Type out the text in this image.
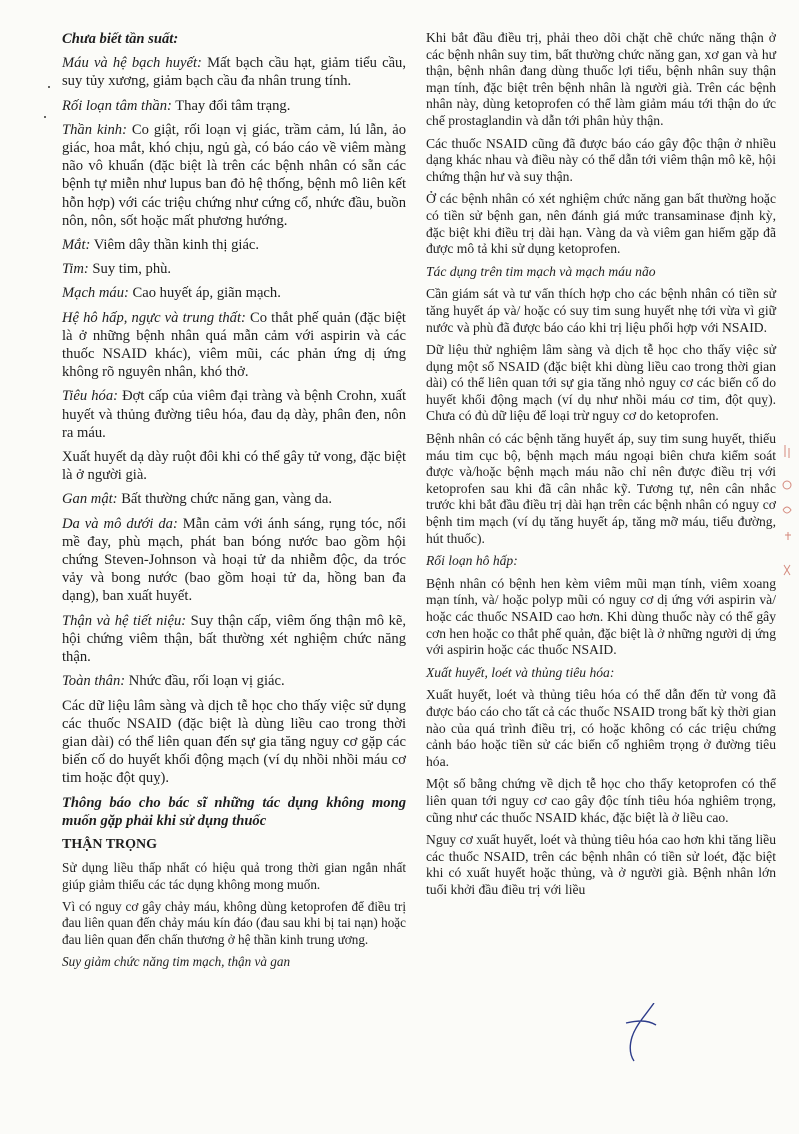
Chưa biết tần suất:

Máu và hệ bạch huyết: Mất bạch cầu hạt, giảm tiểu cầu, suy tủy xương, giảm bạch cầu đa nhân trung tính.

Rối loạn tâm thần: Thay đổi tâm trạng.

Thần kinh: Co giật, rối loạn vị giác, trầm cảm, lú lẫn, ảo giác, hoa mắt, khó chịu, ngủ gà, có báo cáo về viêm màng não vô khuẩn (đặc biệt là trên các bệnh nhân có sẵn các bệnh tự miễn như lupus ban đỏ hệ thống, bệnh mô liên kết hỗn hợp) với các triệu chứng như cứng cổ, nhức đầu, buồn nôn, nôn, sốt hoặc mất phương hướng.

Mắt: Viêm dây thần kinh thị giác.

Tim: Suy tim, phù.

Mạch máu: Cao huyết áp, giãn mạch.

Hệ hô hấp, ngực và trung thất: Co thắt phế quản (đặc biệt là ở những bệnh nhân quá mẫn cảm với aspirin và các thuốc NSAID khác), viêm mũi, các phản ứng dị ứng không rõ nguyên nhân, khó thở.

Tiêu hóa: Đợt cấp của viêm đại tràng và bệnh Crohn, xuất huyết và thủng đường tiêu hóa, đau dạ dày, phân đen, nôn ra máu.

Xuất huyết dạ dày ruột đôi khi có thể gây tử vong, đặc biệt là ở người già.

Gan mật: Bất thường chức năng gan, vàng da.

Da và mô dưới da: Mẫn cảm với ánh sáng, rụng tóc, nổi mề đay, phù mạch, phát ban bóng nước bao gồm hội chứng Steven-Johnson và hoại tử da nhiễm độc, da tróc vảy và bong nước (bao gồm hoại tử da, hồng ban đa dạng), ban xuất huyết.

Thận và hệ tiết niệu: Suy thận cấp, viêm ống thận mô kẽ, hội chứng viêm thận, bất thường xét nghiệm chức năng thận.

Toàn thân: Nhức đầu, rối loạn vị giác.

Các dữ liệu lâm sàng và dịch tễ học cho thấy việc sử dụng các thuốc NSAID (đặc biệt là dùng liều cao trong thời gian dài) có thể liên quan đến sự gia tăng nguy cơ gặp các biến cố do huyết khối động mạch (ví dụ nhồi nhồi máu cơ tim hoặc đột quỵ).

Thông báo cho bác sĩ những tác dụng không mong muốn gặp phải khi sử dụng thuốc

THẬN TRỌNG

Sử dụng liều thấp nhất có hiệu quả trong thời gian ngắn nhất giúp giảm thiểu các tác dụng không mong muốn.

Vì có nguy cơ gây chảy máu, không dùng ketoprofen để điều trị đau liên quan đến chảy máu kín đáo (đau sau khi bị tai nạn) hoặc đau liên quan đến chấn thương ở hệ thần kinh trung ương.

Suy giảm chức năng tim mạch, thận và gan

Khi bắt đầu điều trị, phải theo dõi chặt chẽ chức năng thận ở các bệnh nhân suy tim, bất thường chức năng gan, xơ gan và hư thận, bệnh nhân đang dùng thuốc lợi tiểu, bệnh nhân suy thận mạn tính, đặc biệt trên bệnh nhân là người già. Trên các bệnh nhân này, dùng ketoprofen có thể làm giảm máu tới thận do ức chế prostaglandin và dẫn tới phân hủy thận.

Các thuốc NSAID cũng đã được báo cáo gây độc thận ở nhiều dạng khác nhau và điều này có thể dẫn tới viêm thận mô kẽ, hội chứng thận hư và suy thận.

Ở các bệnh nhân có xét nghiệm chức năng gan bất thường hoặc có tiền sử bệnh gan, nên đánh giá mức transaminase định kỳ, đặc biệt khi điều trị dài hạn. Vàng da và viêm gan hiếm gặp đã được mô tả khi sử dụng ketoprofen.

Tác dụng trên tim mạch và mạch máu não

Cần giám sát và tư vấn thích hợp cho các bệnh nhân có tiền sử tăng huyết áp và/ hoặc có suy tim sung huyết nhẹ tới vừa vì giữ nước và phù đã được báo cáo khi trị liệu phối hợp với NSAID.

Dữ liệu thử nghiệm lâm sàng và dịch tễ học cho thấy việc sử dụng một số NSAID (đặc biệt khi dùng liều cao trong thời gian dài) có thể liên quan tới sự gia tăng nhỏ nguy cơ các biến cố do huyết khối động mạch (ví dụ như nhồi máu cơ tim, đột quỵ). Chưa có đủ dữ liệu để loại trừ nguy cơ do ketoprofen.

Bệnh nhân có các bệnh tăng huyết áp, suy tim sung huyết, thiếu máu tim cục bộ, bệnh mạch máu ngoại biên chưa kiểm soát được và/hoặc bệnh mạch máu não chỉ nên được điều trị với ketoprofen sau khi đã cân nhắc kỹ. Tương tự, nên cân nhắc trước khi bắt đầu điều trị dài hạn trên các bệnh nhân có nguy cơ bệnh tim mạch (ví dụ tăng huyết áp, tăng mỡ máu, tiểu đường, hút thuốc).

Rối loạn hô hấp:

Bệnh nhân có bệnh hen kèm viêm mũi mạn tính, viêm xoang mạn tính, và/ hoặc polyp mũi có nguy cơ dị ứng với aspirin và/ hoặc các thuốc NSAID cao hơn. Khi dùng thuốc này có thể gây cơn hen hoặc co thắt phế quản, đặc biệt là ở những người dị ứng với aspirin hoặc các thuốc NSAID.

Xuất huyết, loét và thủng tiêu hóa:

Xuất huyết, loét và thủng tiêu hóa có thể dẫn đến tử vong đã được báo cáo cho tất cả các thuốc NSAID trong bất kỳ thời gian nào của quá trình điều trị, có hoặc không có các triệu chứng cảnh báo hoặc tiền sử các biến cố nghiêm trọng ở đường tiêu hóa.

Một số bằng chứng về dịch tễ học cho thấy ketoprofen có thể liên quan tới nguy cơ cao gây độc tính tiêu hóa nghiêm trọng, cũng như các thuốc NSAID khác, đặc biệt là ở liều cao.

Nguy cơ xuất huyết, loét và thủng tiêu hóa cao hơn khi tăng liều các thuốc NSAID, trên các bệnh nhân có tiền sử loét, đặc biệt khi có xuất huyết hoặc thủng, và ở người già. Bệnh nhân lớn tuổi khởi đầu điều trị với liều
